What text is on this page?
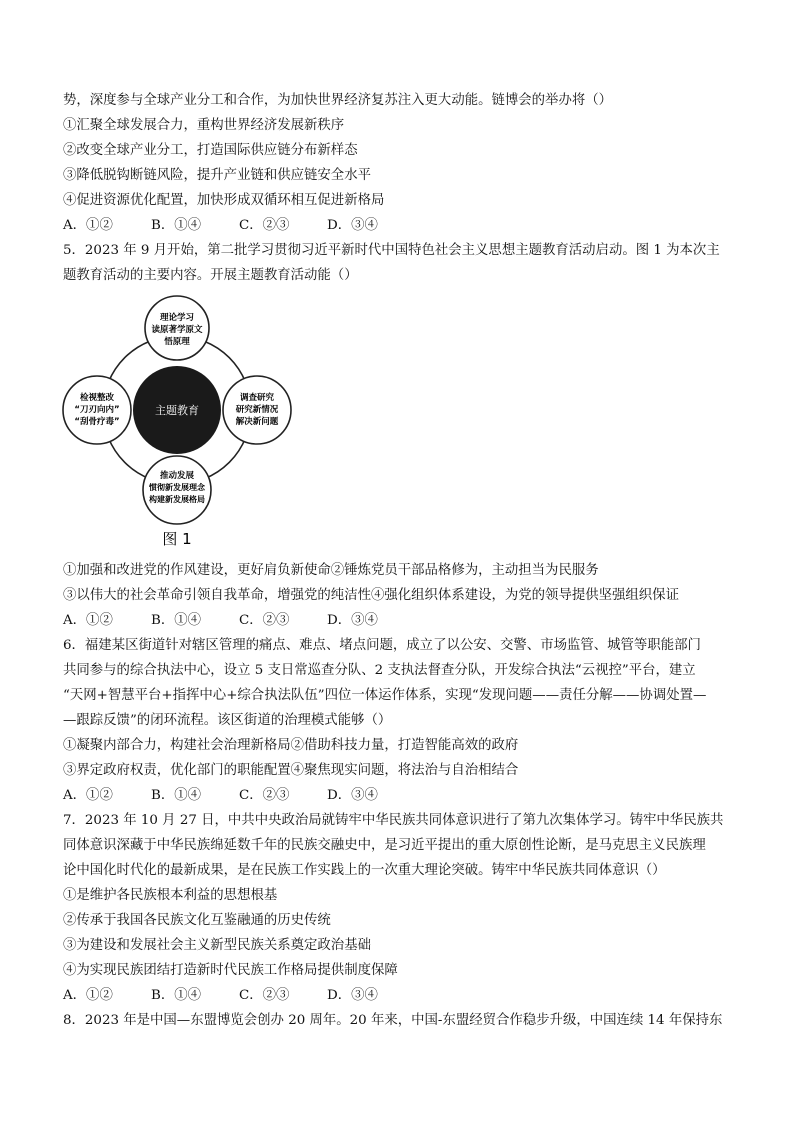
势，深度参与全球产业分工和合作，为加快世界经济复苏注入更大动能。链博会的举办将（）
①汇聚全球发展合力，重构世界经济发展新秩序
②改变全球产业分工，打造国际供应链分布新样态
③降低脱钩断链风险，提升产业链和供应链安全水平
④促进资源优化配置，加快形成双循环相互促进新格局
A．①②	B．①④	C．②③	D．③④
5．2023 年 9 月开始，第二批学习贯彻习近平新时代中国特色社会主义思想主题教育活动启动。图 1 为本次主
题教育活动的主要内容。开展主题教育活动能（）
主题教育
理论学习
读原著学原文
悟原理
调查研究
研究新情况
解决新问题
推动发展
惯彻新发展理念
构建新发展格局
检视整改
“刀刃向内”
“刮骨疗毒”
图 1
①加强和改进党的作风建设，更好肩负新使命②锤炼党员干部品格修为，主动担当为民服务
③以伟大的社会革命引领自我革命，增强党的纯洁性④强化组织体系建设，为党的领导提供坚强组织保证
A．①②	B．①④	C．②③	D．③④
6．福建某区街道针对辖区管理的痛点、难点、堵点问题，成立了以公安、交警、市场监管、城管等职能部门
共同参与的综合执法中心，设立 5 支日常巡查分队、2 支执法督查分队，开发综合执法“云视控”平台，建立
“天网+智慧平台+指挥中心+综合执法队伍”四位一体运作体系，实现“发现问题——责任分解——协调处置—
—跟踪反馈”的闭环流程。该区街道的治理模式能够（）
①凝聚内部合力，构建社会治理新格局②借助科技力量，打造智能高效的政府
③界定政府权责，优化部门的职能配置④聚焦现实问题，将法治与自治相结合
A．①②	B．①④	C．②③	D．③④
7．2023 年 10 月 27 日，中共中央政治局就铸牢中华民族共同体意识进行了第九次集体学习。铸牢中华民族共
同体意识深藏于中华民族绵延数千年的民族交融史中，是习近平提出的重大原创性论断，是马克思主义民族理
论中国化时代化的最新成果，是在民族工作实践上的一次重大理论突破。铸牢中华民族共同体意识（）
①是维护各民族根本利益的思想根基
②传承于我国各民族文化互鉴融通的历史传统
③为建设和发展社会主义新型民族关系奠定政治基础
④为实现民族团结打造新时代民族工作格局提供制度保障
A．①②	B．①④	C．②③	D．③④
8．2023 年是中国—东盟博览会创办 20 周年。20 年来，中国-东盟经贸合作稳步升级，中国连续 14 年保持东
